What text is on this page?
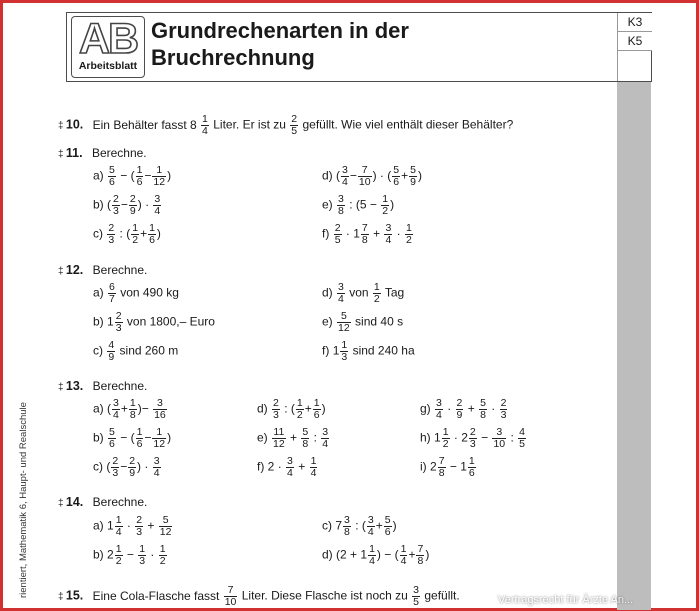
rientiert, Mathematik 6, Haupt- und Realschule
AB
Arbeitsblatt
Grundrechenarten in der
Bruchrechnung
K3
K5
‡ 10. Ein Behälter fasst $8 \frac{1}{4}$ Liter. Er ist zu $\frac{2}{5}$ gefüllt. Wie viel enthält dieser Behälter?
‡ 11. Berechne.
$a) \frac{5}{6}$ − ( $\frac{1}{6} - \frac{1}{12}$ )
b) ( $\frac{2}{3} - \frac{2}{9}$ ) · $\frac{3}{4}$
$c) \frac{2}{3}$ : ( $\frac{1}{2} + \frac{1}{6}$ )
d) ( $\frac{3}{4} - \frac{7}{10}$ ) · ( $\frac{5}{6} + \frac{5}{9}$ )
$e) \frac{3}{8}$ : ($5 - \frac{1}{2}$ )
$f) \frac{2}{5} \cdot 1 \frac{7}{8} + \frac{3}{4} \cdot \frac{1}{2}$
‡ 12. Berechne.
$a) \frac{6}{7}$ von 490 kg
b) $1 \frac{2}{3}$ von 1800,– Euro
$c) \frac{4}{9}$ sind 260 m
$d) \frac{3}{4}$ von $\frac{1}{2}$ Tag
$e) \frac{5}{12}$ sind 40 s
f) $1 \frac{1}{3}$ sind 240 ha
‡ 13. Berechne.
a) ( $\frac{3}{4} + \frac{1}{8}$ )− $\frac{3}{16}$
$b) \frac{5}{6}$ − ( $\frac{1}{6} - \frac{1}{12}$ )
c) ( $\frac{2}{3} - \frac{2}{9}$ ) · $\frac{3}{4}$
$d) \frac{2}{3}$ : ( $\frac{1}{2} + \frac{1}{6}$ )
$e) \frac{11}{12} + \frac{5}{8}$ : $\frac{3}{4}$
f) $2 \cdot \frac{3}{4} + \frac{1}{4}$
$g) \frac{3}{4} \cdot \frac{2}{9} + \frac{5}{8} \cdot \frac{2}{3}$
h) $1 \frac{1}{2} \cdot 2 \frac{2}{3} - \frac{3}{10}$ : $\frac{4}{5}$
i) $2 \frac{7}{8} - 1 \frac{1}{6}$
‡ 14. Berechne.
a) $1 \frac{1}{4} \cdot \frac{2}{3} + \frac{5}{12}$
b) $2 \frac{1}{2} - \frac{1}{3} \cdot \frac{1}{2}$
c) $7 \frac{3}{8}$ : ( $\frac{3}{4} + \frac{5}{6}$ )
d) ($2 + 1 \frac{1}{4}$ ) − ( $\frac{1}{4} + \frac{7}{8}$ )
‡ 15. Eine Cola-Flasche fasst $\frac{7}{10}$ Liter. Diese Flasche ist noch zu $\frac{3}{5}$ gefüllt.	Vertragsrecht für Ärzte An...
